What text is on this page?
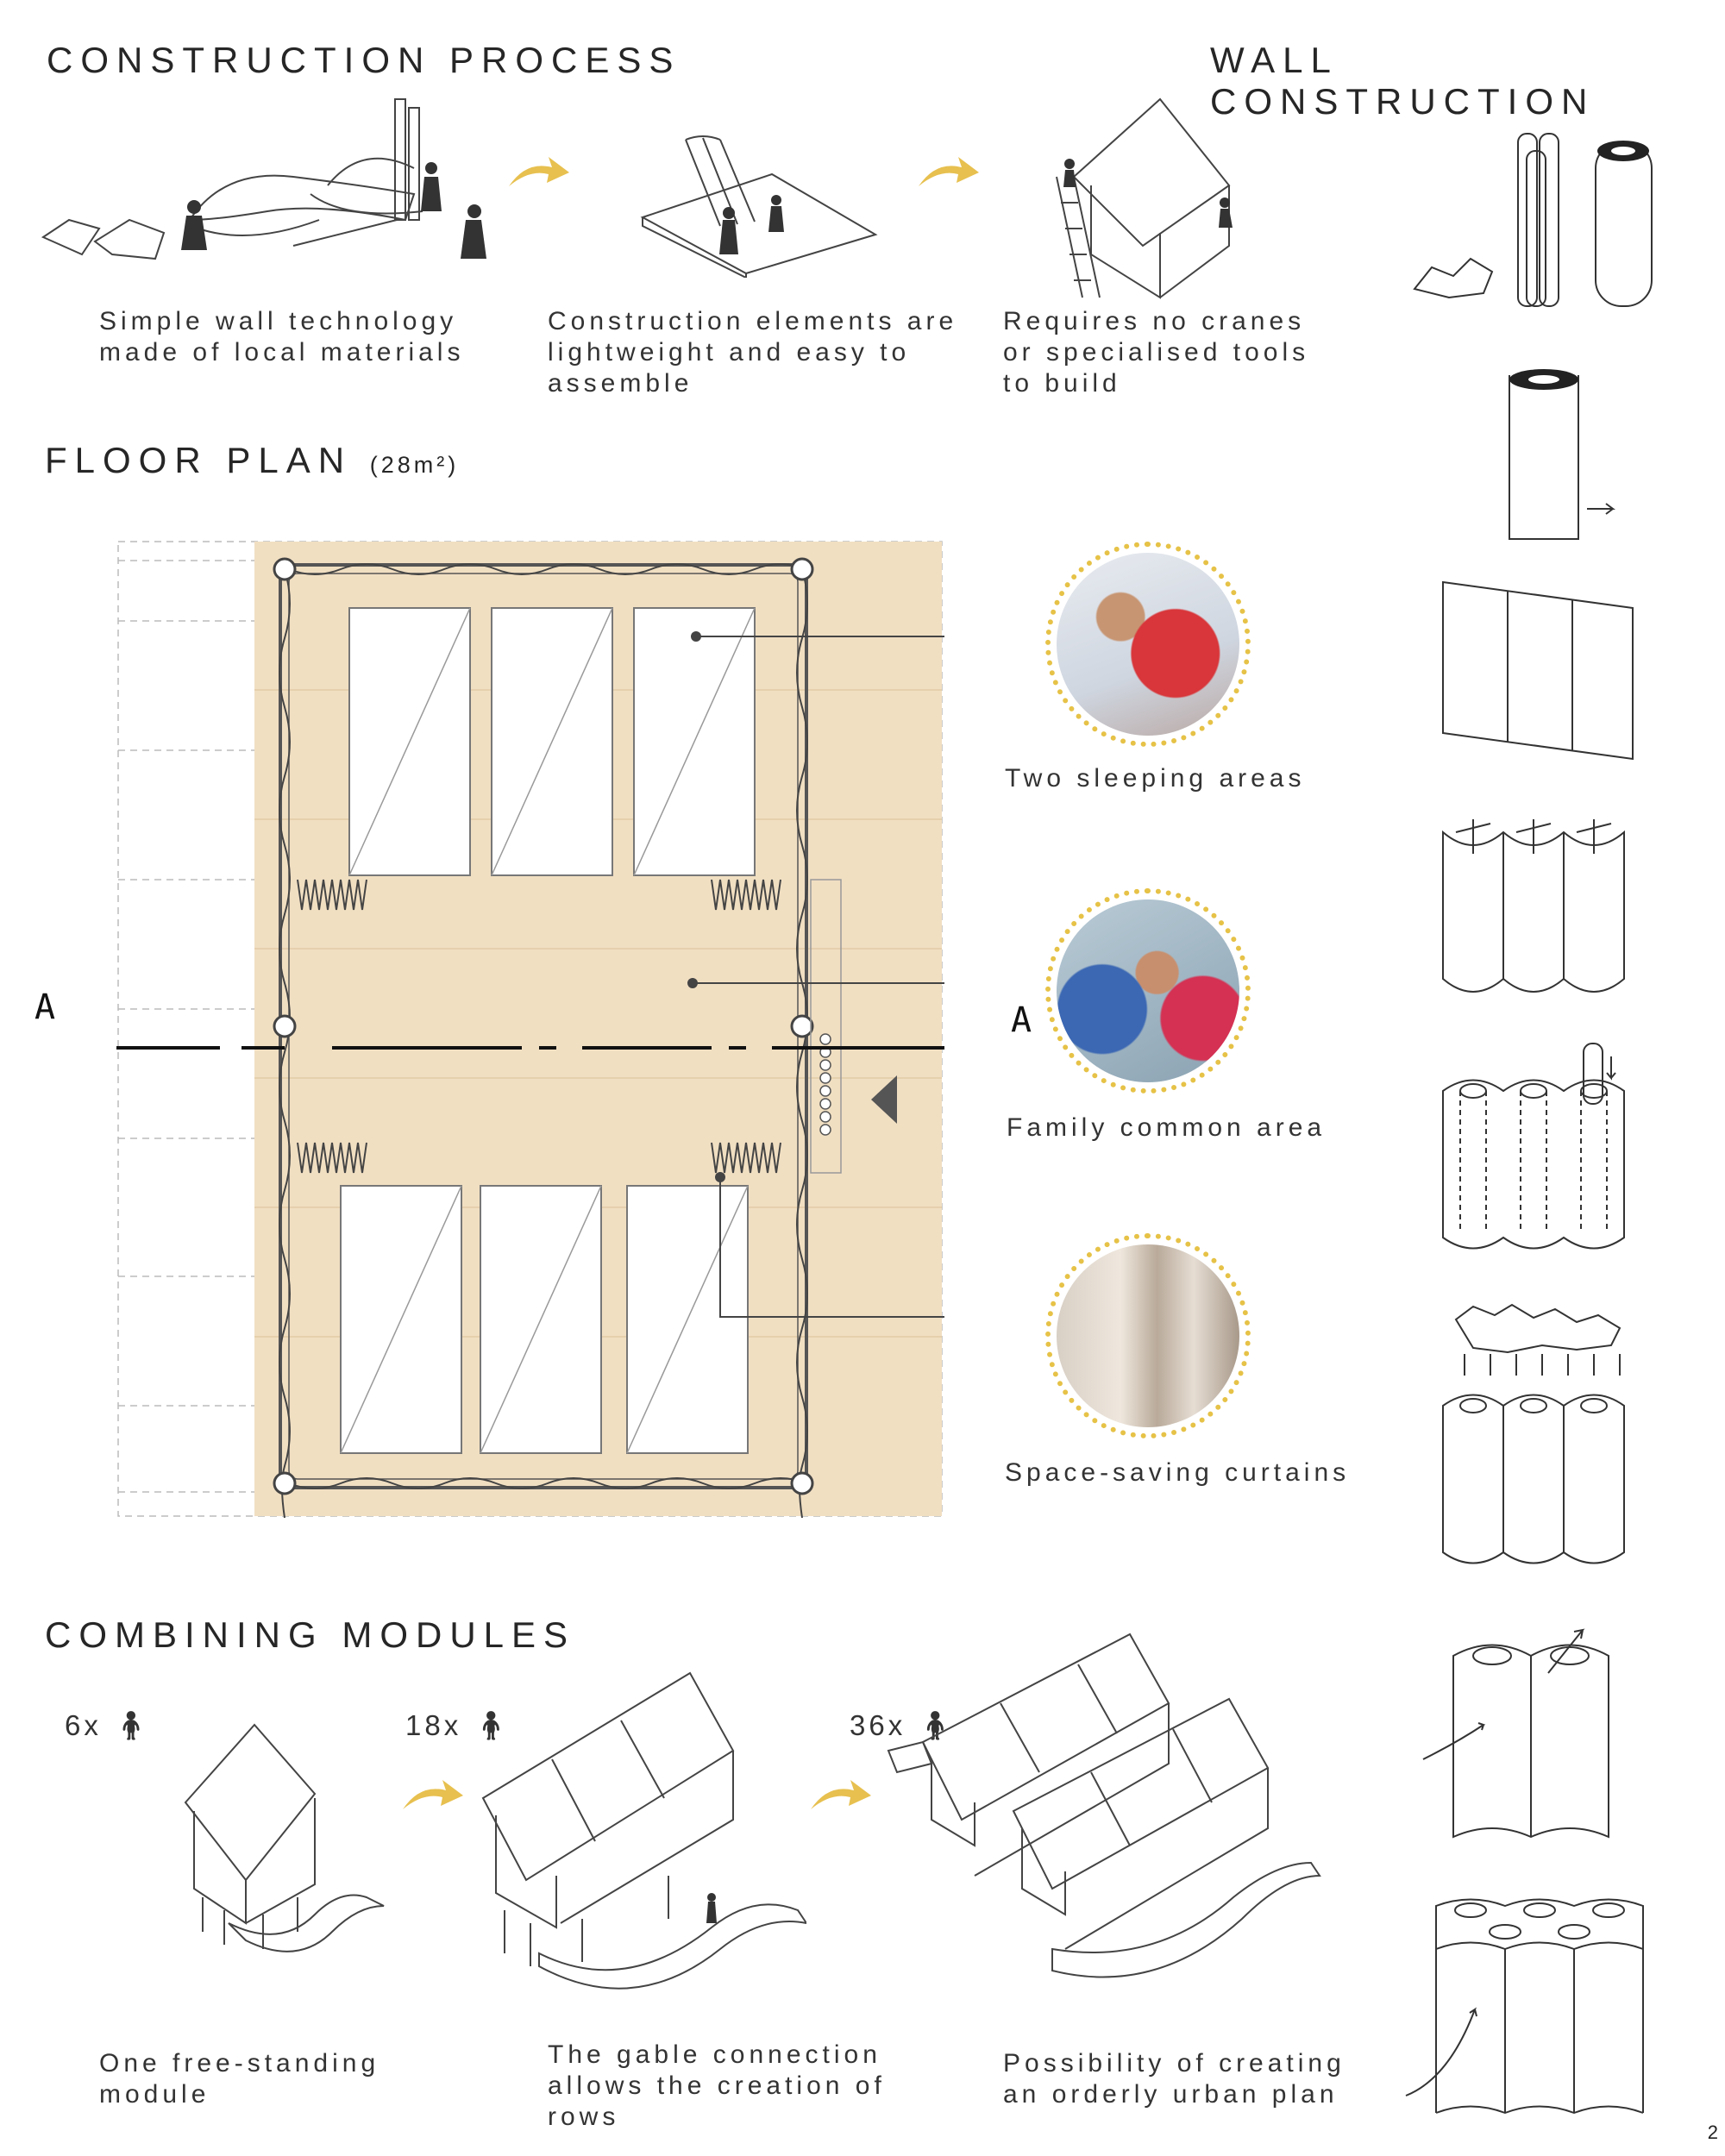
CONSTRUCTION PROCESS	WALL CONSTRUCTION
FLOOR PLAN (28m²)
COMBINING MODULES
Simple wall technology
made of local materials
Construction elements are
lightweight and easy to
assemble
Requires no cranes
or specialised tools
to build
A	A
Two sleeping areas
Family common area
Space-saving curtains
6x 🧍︎	18x 🧍︎	36x 🧍︎
One free-standing
module
The gable connection
allows the creation of
rows
Possibility of creating
an orderly urban plan
2
